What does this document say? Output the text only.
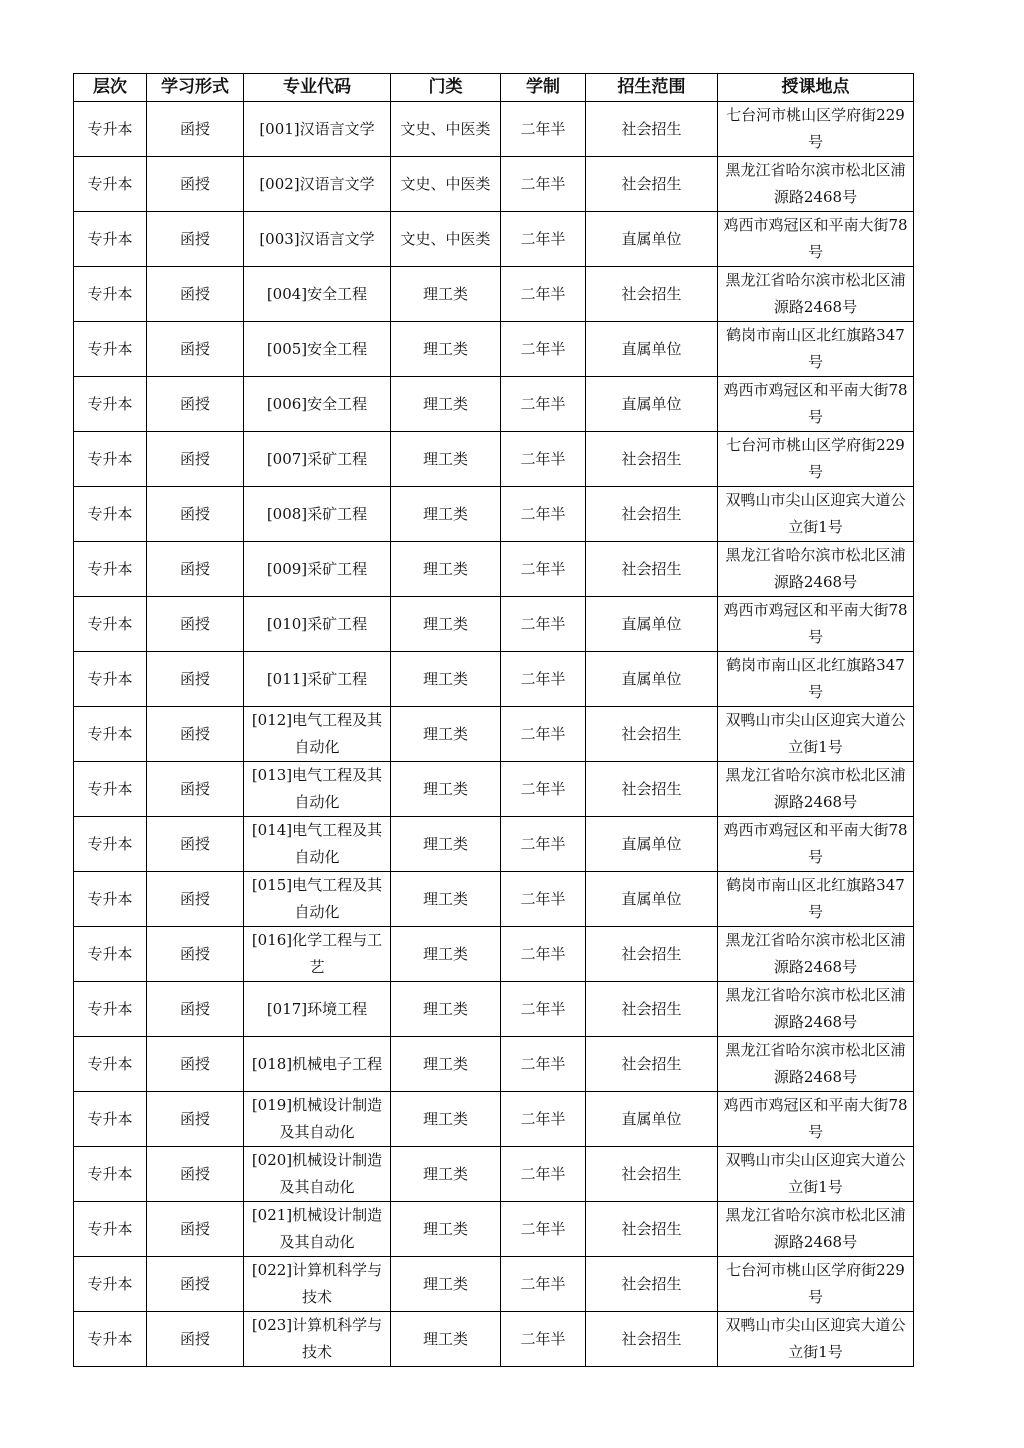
层次	学习形式	专业代码	门类	学制	招生范围	授课地点
专升本	函授	[001]汉语言文学	文史、中医类	二年半	社会招生	七台河市桃山区学府街229号
专升本	函授	[002]汉语言文学	文史、中医类	二年半	社会招生	黑龙江省哈尔滨市松北区浦源路2468号
专升本	函授	[003]汉语言文学	文史、中医类	二年半	直属单位	鸡西市鸡冠区和平南大街78号
专升本	函授	[004]安全工程	理工类	二年半	社会招生	黑龙江省哈尔滨市松北区浦源路2468号
专升本	函授	[005]安全工程	理工类	二年半	直属单位	鹤岗市南山区北红旗路347号
专升本	函授	[006]安全工程	理工类	二年半	直属单位	鸡西市鸡冠区和平南大街78号
专升本	函授	[007]采矿工程	理工类	二年半	社会招生	七台河市桃山区学府街229号
专升本	函授	[008]采矿工程	理工类	二年半	社会招生	双鸭山市尖山区迎宾大道公立街1号
专升本	函授	[009]采矿工程	理工类	二年半	社会招生	黑龙江省哈尔滨市松北区浦源路2468号
专升本	函授	[010]采矿工程	理工类	二年半	直属单位	鸡西市鸡冠区和平南大街78号
专升本	函授	[011]采矿工程	理工类	二年半	直属单位	鹤岗市南山区北红旗路347号
专升本	函授	[012]电气工程及其自动化	理工类	二年半	社会招生	双鸭山市尖山区迎宾大道公立街1号
专升本	函授	[013]电气工程及其自动化	理工类	二年半	社会招生	黑龙江省哈尔滨市松北区浦源路2468号
专升本	函授	[014]电气工程及其自动化	理工类	二年半	直属单位	鸡西市鸡冠区和平南大街78号
专升本	函授	[015]电气工程及其自动化	理工类	二年半	直属单位	鹤岗市南山区北红旗路347号
专升本	函授	[016]化学工程与工艺	理工类	二年半	社会招生	黑龙江省哈尔滨市松北区浦源路2468号
专升本	函授	[017]环境工程	理工类	二年半	社会招生	黑龙江省哈尔滨市松北区浦源路2468号
专升本	函授	[018]机械电子工程	理工类	二年半	社会招生	黑龙江省哈尔滨市松北区浦源路2468号
专升本	函授	[019]机械设计制造及其自动化	理工类	二年半	直属单位	鸡西市鸡冠区和平南大街78号
专升本	函授	[020]机械设计制造及其自动化	理工类	二年半	社会招生	双鸭山市尖山区迎宾大道公立街1号
专升本	函授	[021]机械设计制造及其自动化	理工类	二年半	社会招生	黑龙江省哈尔滨市松北区浦源路2468号
专升本	函授	[022]计算机科学与技术	理工类	二年半	社会招生	七台河市桃山区学府街229号
专升本	函授	[023]计算机科学与技术	理工类	二年半	社会招生	双鸭山市尖山区迎宾大道公立街1号
